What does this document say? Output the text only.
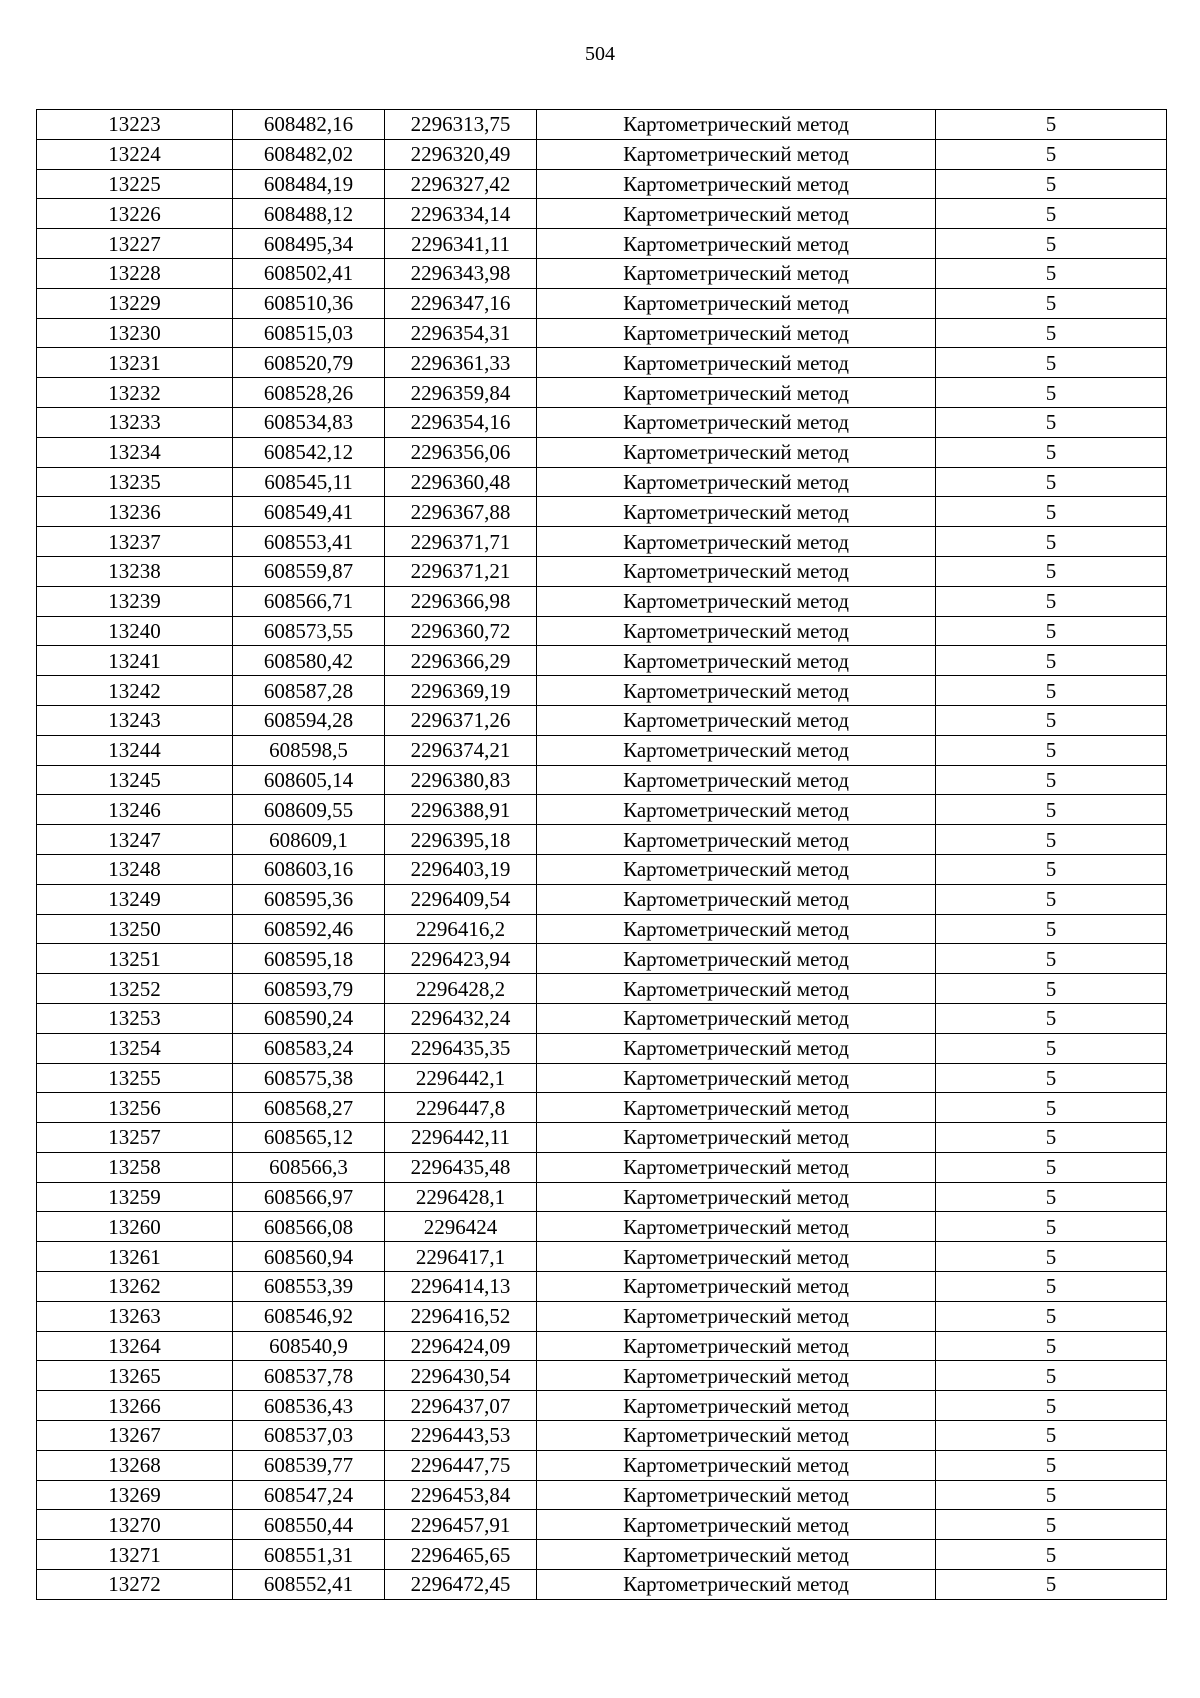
504
13223	608482,16	2296313,75	Картометрический метод	5
13224	608482,02	2296320,49	Картометрический метод	5
13225	608484,19	2296327,42	Картометрический метод	5
13226	608488,12	2296334,14	Картометрический метод	5
13227	608495,34	2296341,11	Картометрический метод	5
13228	608502,41	2296343,98	Картометрический метод	5
13229	608510,36	2296347,16	Картометрический метод	5
13230	608515,03	2296354,31	Картометрический метод	5
13231	608520,79	2296361,33	Картометрический метод	5
13232	608528,26	2296359,84	Картометрический метод	5
13233	608534,83	2296354,16	Картометрический метод	5
13234	608542,12	2296356,06	Картометрический метод	5
13235	608545,11	2296360,48	Картометрический метод	5
13236	608549,41	2296367,88	Картометрический метод	5
13237	608553,41	2296371,71	Картометрический метод	5
13238	608559,87	2296371,21	Картометрический метод	5
13239	608566,71	2296366,98	Картометрический метод	5
13240	608573,55	2296360,72	Картометрический метод	5
13241	608580,42	2296366,29	Картометрический метод	5
13242	608587,28	2296369,19	Картометрический метод	5
13243	608594,28	2296371,26	Картометрический метод	5
13244	608598,5	2296374,21	Картометрический метод	5
13245	608605,14	2296380,83	Картометрический метод	5
13246	608609,55	2296388,91	Картометрический метод	5
13247	608609,1	2296395,18	Картометрический метод	5
13248	608603,16	2296403,19	Картометрический метод	5
13249	608595,36	2296409,54	Картометрический метод	5
13250	608592,46	2296416,2	Картометрический метод	5
13251	608595,18	2296423,94	Картометрический метод	5
13252	608593,79	2296428,2	Картометрический метод	5
13253	608590,24	2296432,24	Картометрический метод	5
13254	608583,24	2296435,35	Картометрический метод	5
13255	608575,38	2296442,1	Картометрический метод	5
13256	608568,27	2296447,8	Картометрический метод	5
13257	608565,12	2296442,11	Картометрический метод	5
13258	608566,3	2296435,48	Картометрический метод	5
13259	608566,97	2296428,1	Картометрический метод	5
13260	608566,08	2296424	Картометрический метод	5
13261	608560,94	2296417,1	Картометрический метод	5
13262	608553,39	2296414,13	Картометрический метод	5
13263	608546,92	2296416,52	Картометрический метод	5
13264	608540,9	2296424,09	Картометрический метод	5
13265	608537,78	2296430,54	Картометрический метод	5
13266	608536,43	2296437,07	Картометрический метод	5
13267	608537,03	2296443,53	Картометрический метод	5
13268	608539,77	2296447,75	Картометрический метод	5
13269	608547,24	2296453,84	Картометрический метод	5
13270	608550,44	2296457,91	Картометрический метод	5
13271	608551,31	2296465,65	Картометрический метод	5
13272	608552,41	2296472,45	Картометрический метод	5
